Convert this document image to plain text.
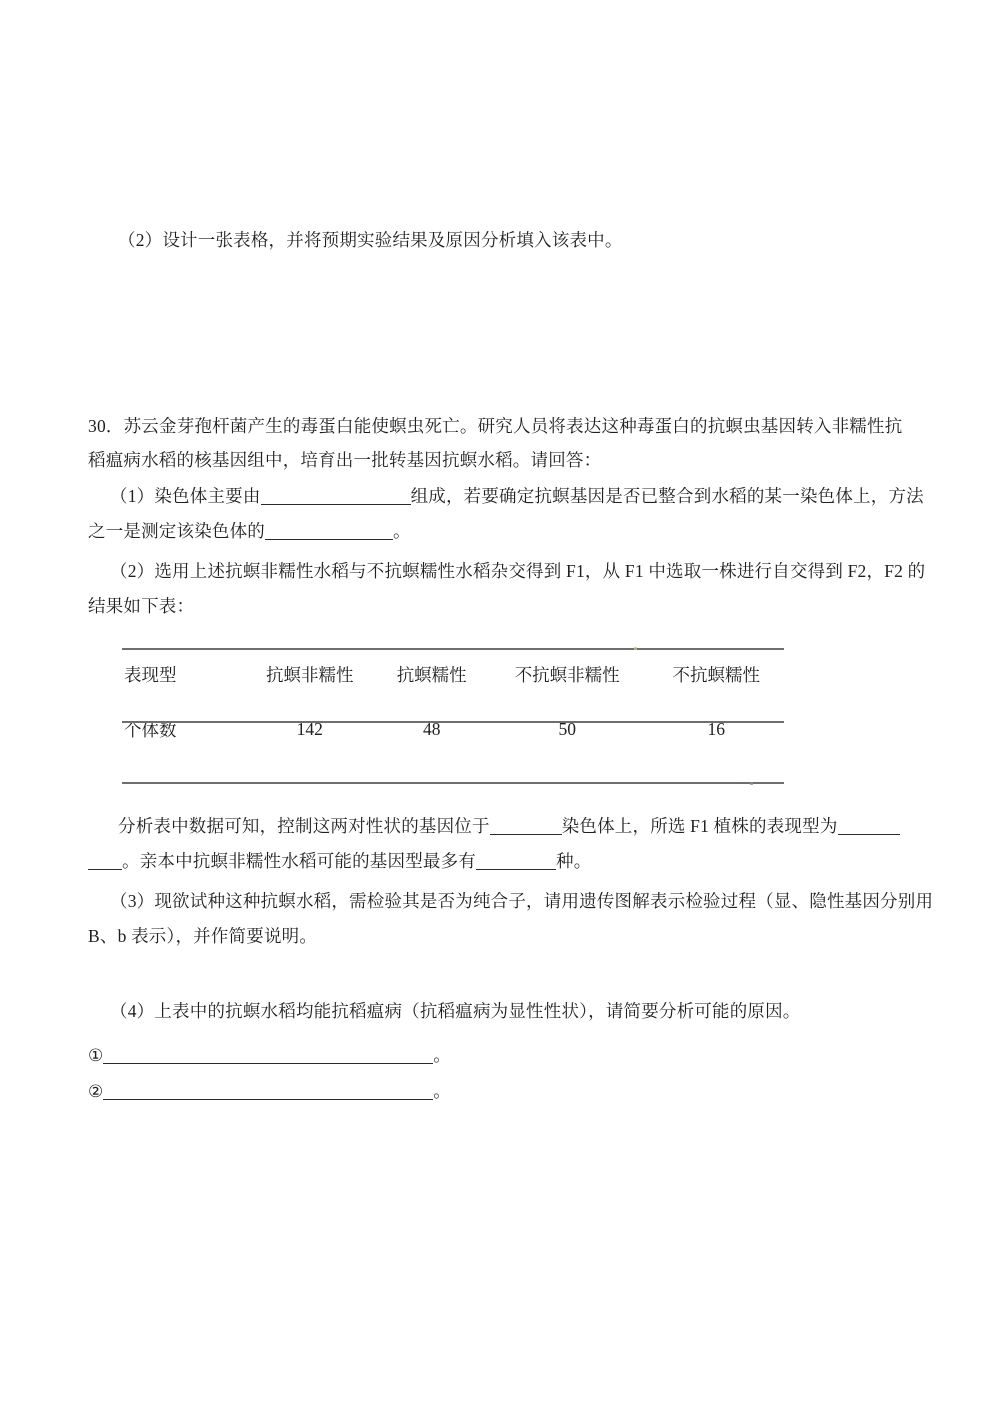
（2）设计一张表格，并将预期实验结果及原因分析填入该表中。
30．苏云金芽孢杆菌产生的毒蛋白能使螟虫死亡。研究人员将表达这种毒蛋白的抗螟虫基因转入非糯性抗
稻瘟病水稻的核基因组中，培育出一批转基因抗螟水稻。请回答：
（1）染色体主要由	组成，若要确定抗螟基因是否已整合到水稻的某一染色体上，方法
之一是测定该染色体的	。
（2）选用上述抗螟非糯性水稻与不抗螟糯性水稻杂交得到 F1，从 F1 中选取一株进行自交得到 F2，F2 的
结果如下表：
表现型	抗螟非糯性	抗螟糯性	不抗螟非糯性	不抗螟糯性
个体数	142	48	50	16
分析表中数据可知，控制这两对性状的基因位于	染色体上，所选 F1 植株的表现型为
。亲本中抗螟非糯性水稻可能的基因型最多有	种。
（3）现欲试种这种抗螟水稻，需检验其是否为纯合子，请用遗传图解表示检验过程（显、隐性基因分别用
B、b 表示），并作简要说明。
（4）上表中的抗螟水稻均能抗稻瘟病（抗稻瘟病为显性性状），请简要分析可能的原因。
①	。
②	。
